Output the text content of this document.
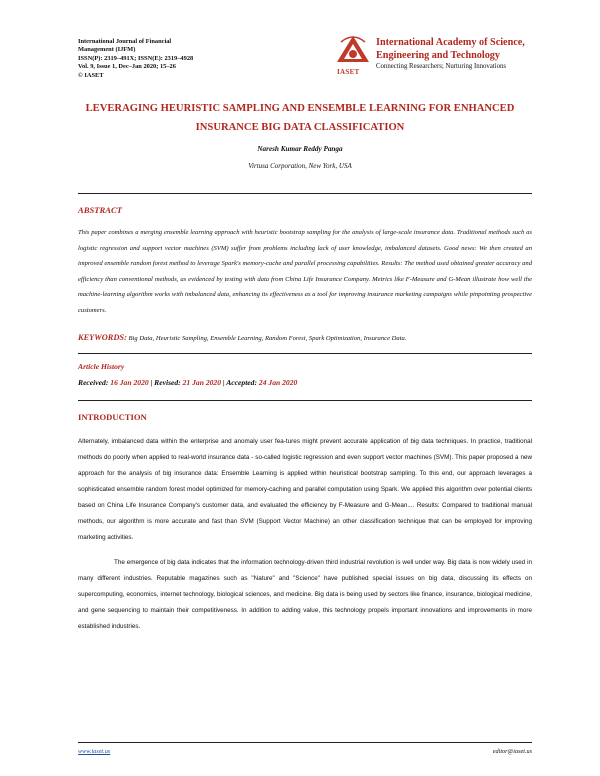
International Journal of Financial
Management (IJFM)
ISSN(P): 2319–491X; ISSN(E): 2319–4928
Vol. 9, Issue 1, Dec–Jan 2020; 15–26
© IASET	IASET
International Academy of Science,
Engineering and Technology
Connecting Researchers; Nurturing Innovations
LEVERAGING HEURISTIC SAMPLING AND ENSEMBLE LEARNING FOR ENHANCED
INSURANCE BIG DATA CLASSIFICATION
Naresh Kumar Reddy Panga
Virtusa Corporation, New York, USA
ABSTRACT
This paper combines a merging ensemble learning approach with heuristic bootstrap sampling for the analysis of large-scale insurance data. Traditional methods such as logistic regression and support vector machines (SVM) suffer from problems including lack of user knowledge, imbalanced datasets. Good news: We then created an improved ensemble random forest method to leverage Spark's memory-cache and parallel processing capabilities. Results: The method used obtained greater accuracy and efficiency than conventional methods, as evidenced by testing with data from China Life Insurance Company. Metrics like F-Measure and G-Mean illustrate how well the machine-learning algorithm works with imbalanced data, enhancing its effectiveness as a tool for improving insurance marketing campaigns while pinpointing prospective customers.
KEYWORDS: Big Data, Heuristic Sampling, Ensemble Learning, Random Forest, Spark Optimization, Insurance Data.
Article History
Received: 16 Jan 2020 | Revised: 21 Jan 2020 | Accepted: 24 Jan 2020
INTRODUCTION

Alternately, imbalanced data within the enterprise and anomaly user fea-tures might prevent accurate application of big data techniques. In practice, traditional methods do poorly when applied to real-world insurance data - so-called logistic regression and even support vector machines (SVM). This paper proposed a new approach for the analysis of big insurance data: Ensemble Learning is applied within heuristical bootstrap sampling. To this end, our approach leverages a sophisticated ensemble random forest model optimized for memory-caching and parallel computation using Spark. We applied this algorithm over potential clients based on China Life Insurance Company's customer data, and evaluated the efficiency by F-Measure and G-Mean.... Results: Compared to traditional manual methods, our algorithm is more accurate and fast than SVM (Support Vector Machine) an other classification technique that can be employed for improving marketing activities.

The emergence of big data indicates that the information technology-driven third industrial revolution is well under way. Big data is now widely used in many different industries. Reputable magazines such as "Nature" and "Science" have published special issues on big data, discussing its effects on supercomputing, economics, internet technology, biological sciences, and medicine. Big data is being used by sectors like finance, insurance, biological medicine, and gene sequencing to maintain their competitiveness. In addition to adding value, this technology propels important innovations and improvements in more established industries.

www.iaset.us	editor@iaset.us
